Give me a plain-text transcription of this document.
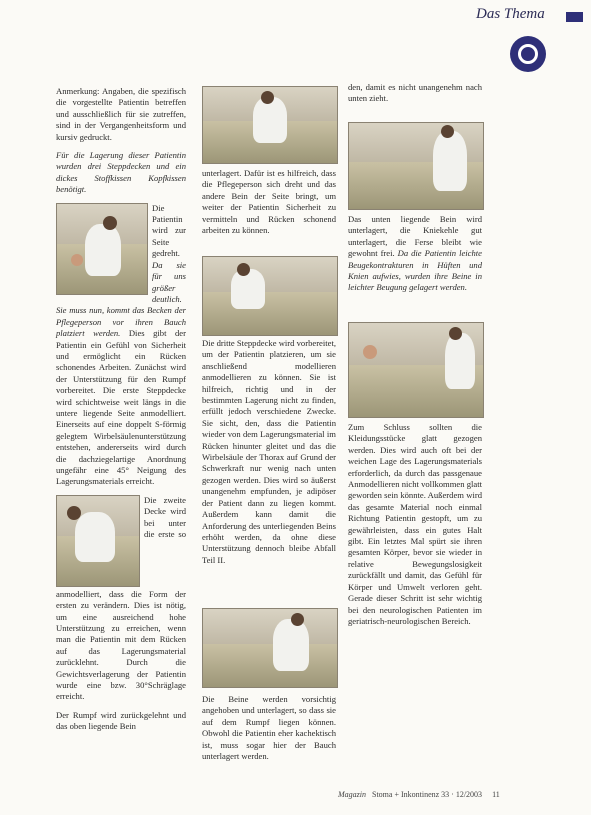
Das Thema

Anmerkung: Angaben, die spezifisch die vorgestellte Patientin betreffen und ausschließlich für sie zutreffen, sind in der Vergangenheitsform und kursiv gedruckt.

Für die Lagerung dieser Patientin wurden drei Steppdecken und ein dickes Stoffkissen Kopfkissen benötigt.

Die Patientin wird zur Seite gedreht. Da sie für uns größer deutlich. Sie muss nun, kommt das Becken der Pflegeperson vor ihren Bauch platziert werden. Dies gibt der Patientin ein Gefühl von Sicherheit und ermöglicht ein Rücken schonendes Arbeiten. Zunächst wird der Unterstützung für den Rumpf vorbereitet. Die erste Steppdecke wird schichtweise weit längs in die untere liegende Seite anmodelliert. Einerseits auf eine doppelt S-förmig gelegtem Wirbelsäulenunterstützung entstehen, andererseits wird durch die dachziegelartige Anordnung ungefähr eine 45° Neigung des Lagerungsmaterials erreicht.

Die zweite Decke wird bei unter die erste so anmodelliert, dass die Form der ersten zu verändern. Dies ist nötig, um eine ausreichend hohe Unterstützung zu erreichen, wenn man die Patientin mit dem Rücken auf das Lagerungsmaterial zurücklehnt. Durch die Gewichtsverlagerung der Patientin wurde eine bzw. 30°Schräglage erreicht.

Der Rumpf wird zurückgelehnt und das oben liegende Bein

unterlagert. Dafür ist es hilfreich, dass die Pflegeperson sich dreht und das andere Bein der Seite bringt, um weiter der Patientin Sicherheit zu vermitteln und Rücken schonend arbeiten zu können.

Die dritte Steppdecke wird vorbereitet, um der Patientin platzieren, um sie anschließend modellieren anmodellieren zu können. Sie ist hilfreich, richtig und in der bestimmten Lagerung nicht zu finden, erfüllt jedoch verschiedene Zwecke. Sie sicht, den, dass die Patientin wieder von dem Lagerungsmaterial im Rücken hinunter gleitet und das die Wirbelsäule der Thorax auf Grund der Schwerkraft nur wenig nach unten gezogen werden. Dies wird so äußerst unangenehm empfunden, je adipöser der Patient dann zu liegen kommt. Außerdem kann damit die Anforderung des unterliegenden Beins erhöht werden, da ohne diese Unterstützung dennoch bleibe Abfall Teil II.

Die Beine werden vorsichtig angehoben und unterlagert, so dass sie auf dem Rumpf liegen können. Obwohl die Patientin eher kachektisch ist, muss sogar hier der Bauch unterlagert werden.

den, damit es nicht unangenehm nach unten zieht.

Das unten liegende Bein wird unterlagert, die Kniekehle gut unterlagert, die Ferse bleibt wie gewohnt frei. Da die Patientin leichte Beugekontrakturen in Hüften und Knien aufwies, wurden ihre Beine in leichter Beugung gelagert werden.

Zum Schluss sollten die Kleidungsstücke glatt gezogen werden. Dies wird auch oft bei der weichen Lage des Lagerungsmaterials erforderlich, da durch das passgenaue Anmodellieren nicht vollkommen glatt geworden sein könnte. Außerdem wird das gesamte Material noch einmal Richtung Patientin gestopft, um zu gewährleisten, dass ein gutes Halt gibt. Ein letztes Mal spürt sie ihren gesamten Körper, bevor sie wieder in relative Bewegungslosigkeit zurückfällt und damit, das Gefühl für Körper und Umwelt verloren geht. Gerade dieser Schritt ist sehr wichtig bei den neurologischen Patienten im geriatrisch-neurologischen Bereich.

Magazin Stoma + Inkontinenz 33 · 12/2003 11
